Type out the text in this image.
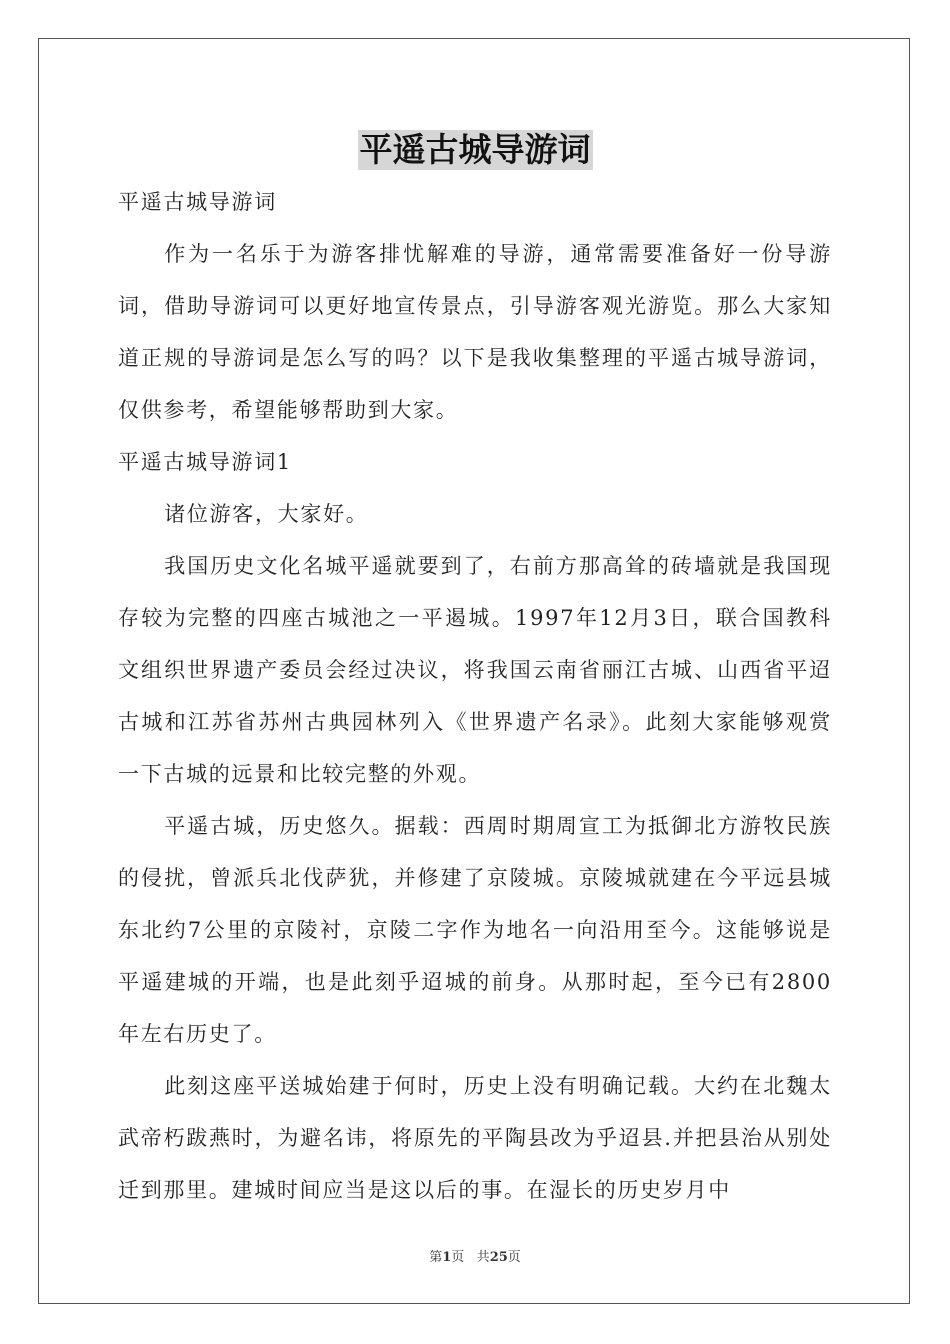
平遥古城导游词

平遥古城导游词

作为一名乐于为游客排忧解难的导游，通常需要准备好一份导游词，借助导游词可以更好地宣传景点，引导游客观光游览。那么大家知道正规的导游词是怎么写的吗？以下是我收集整理的平遥古城导游词，仅供参考，希望能够帮助到大家。

平遥古城导游词1

诸位游客，大家好。

我国历史文化名城平遥就要到了，右前方那高耸的砖墙就是我国现存较为完整的四座古城池之一平遏城。1997年12月3日，联合国教科文组织世界遗产委员会经过决议，将我国云南省丽江古城、山西省平迢古城和江苏省苏州古典园林列入《世界遗产名录》。此刻大家能够观赏一下古城的远景和比较完整的外观。

平遥古城，历史悠久。据载：西周时期周宣工为抵御北方游牧民族的侵扰，曾派兵北伐萨犹，并修建了京陵城。京陵城就建在今平远县城东北约7公里的京陵衬，京陵二字作为地名一向沿用至今。这能够说是平遥建城的开端，也是此刻乎迢城的前身。从那时起，至今已有2800年左右历史了。

此刻这座平送城始建于何时，历史上没有明确记载。大约在北魏太武帝朽跋燕时，为避名讳，将原先的平陶县改为乎迢县.并把县治从别处迁到那里。建城时间应当是这以后的事。在湿长的历史岁月中

第1页 共25页
